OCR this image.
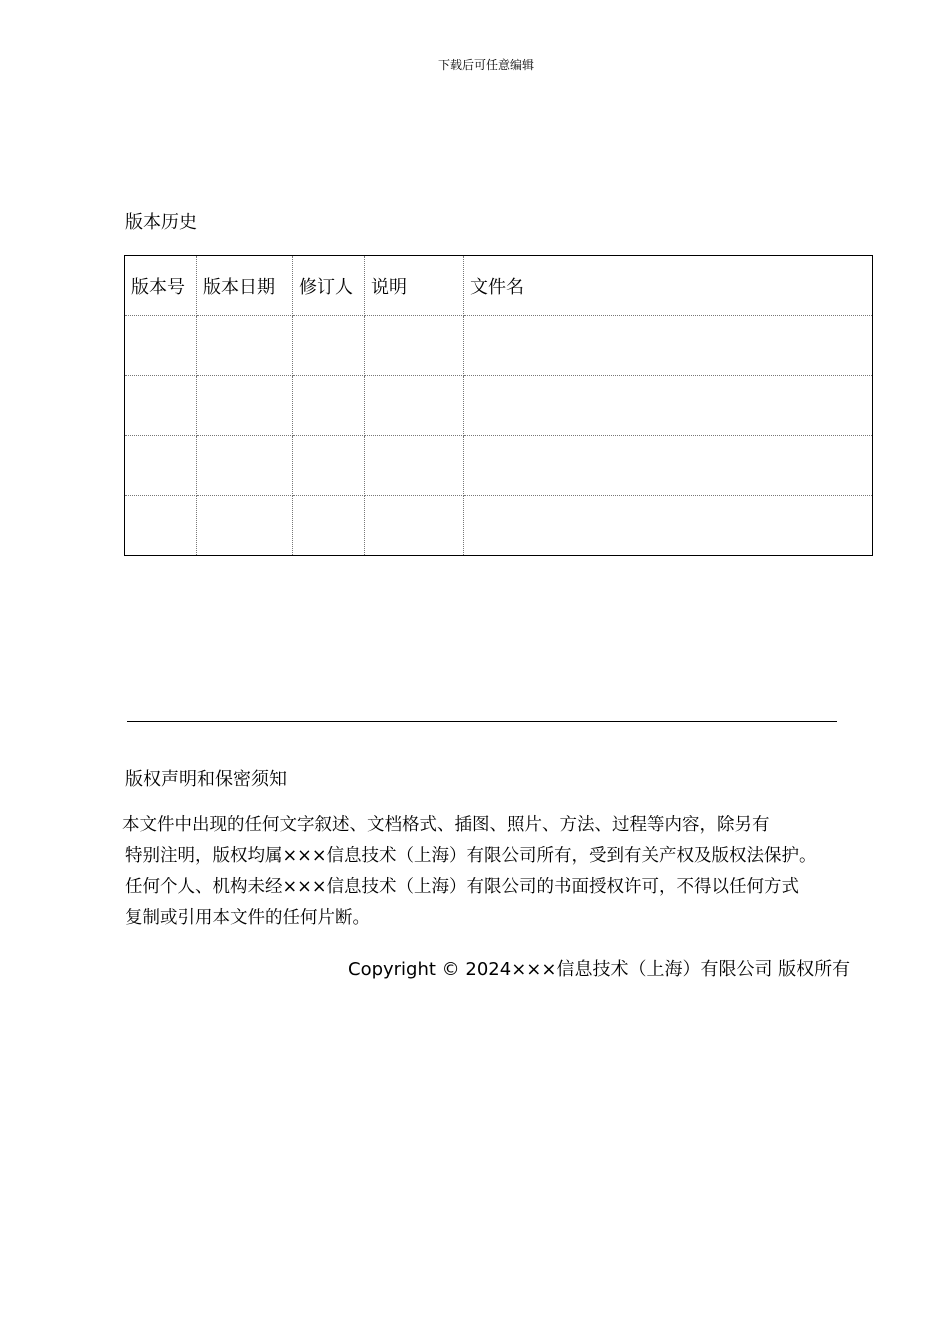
下载后可任意编辑
版本历史
版本号	版本日期	修订人	说明	文件名

版权声明和保密须知
本文件中出现的任何文字叙述、文档格式、插图、照片、方法、过程等内容，除另有
特别注明，版权均属×××信息技术（上海）有限公司所有，受到有关产权及版权法保护。
任何个人、机构未经×××信息技术（上海）有限公司的书面授权许可，不得以任何方式
复制或引用本文件的任何片断。
Copyright © 2024×××信息技术（上海）有限公司 版权所有
